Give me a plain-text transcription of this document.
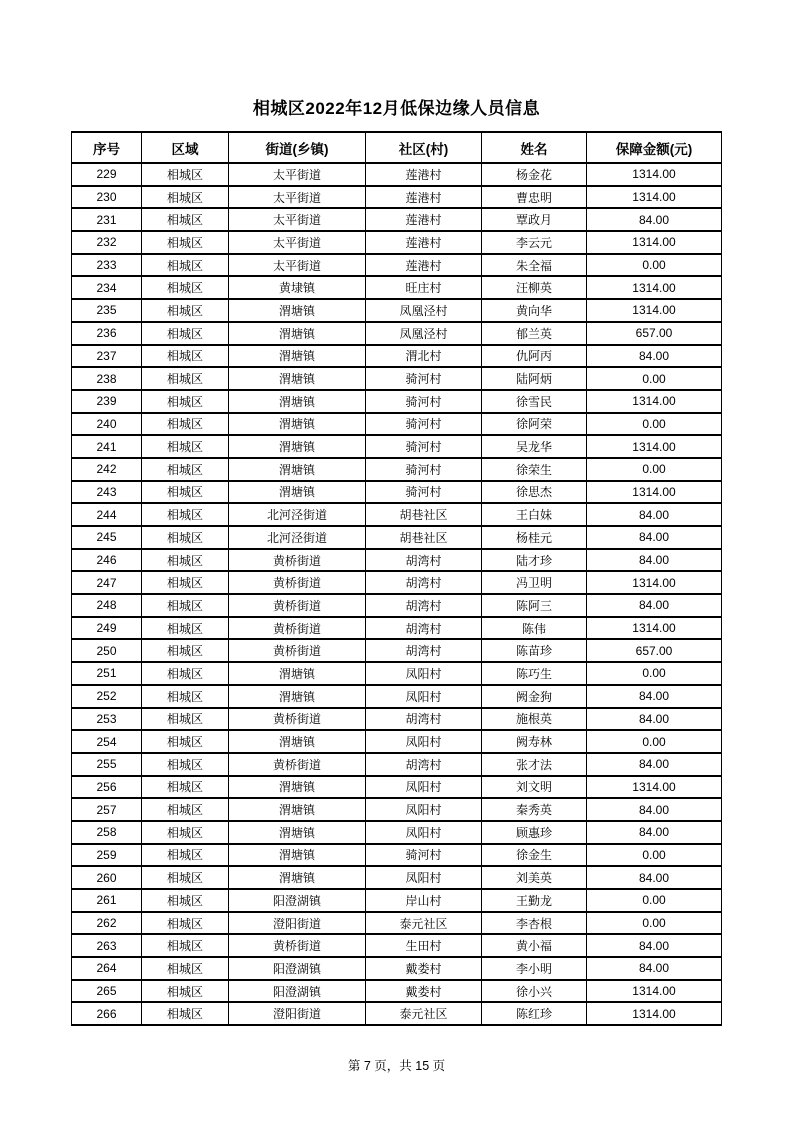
相城区2022年12月低保边缘人员信息
序号	区域	街道(乡镇)	社区(村)	姓名	保障金额(元)
229	相城区	太平街道	莲港村	杨金花	1314.00
230	相城区	太平街道	莲港村	曹忠明	1314.00
231	相城区	太平街道	莲港村	覃政月	84.00
232	相城区	太平街道	莲港村	李云元	1314.00
233	相城区	太平街道	莲港村	朱全福	0.00
234	相城区	黄埭镇	旺庄村	汪柳英	1314.00
235	相城区	渭塘镇	凤凰泾村	黄向华	1314.00
236	相城区	渭塘镇	凤凰泾村	郁兰英	657.00
237	相城区	渭塘镇	渭北村	仇阿丙	84.00
238	相城区	渭塘镇	骑河村	陆阿炳	0.00
239	相城区	渭塘镇	骑河村	徐雪民	1314.00
240	相城区	渭塘镇	骑河村	徐阿荣	0.00
241	相城区	渭塘镇	骑河村	吴龙华	1314.00
242	相城区	渭塘镇	骑河村	徐荣生	0.00
243	相城区	渭塘镇	骑河村	徐思杰	1314.00
244	相城区	北河泾街道	胡巷社区	王白妹	84.00
245	相城区	北河泾街道	胡巷社区	杨桂元	84.00
246	相城区	黄桥街道	胡湾村	陆才珍	84.00
247	相城区	黄桥街道	胡湾村	冯卫明	1314.00
248	相城区	黄桥街道	胡湾村	陈阿三	84.00
249	相城区	黄桥街道	胡湾村	陈伟	1314.00
250	相城区	黄桥街道	胡湾村	陈苗珍	657.00
251	相城区	渭塘镇	凤阳村	陈巧生	0.00
252	相城区	渭塘镇	凤阳村	阙金狗	84.00
253	相城区	黄桥街道	胡湾村	施根英	84.00
254	相城区	渭塘镇	凤阳村	阙寿林	0.00
255	相城区	黄桥街道	胡湾村	张才法	84.00
256	相城区	渭塘镇	凤阳村	刘文明	1314.00
257	相城区	渭塘镇	凤阳村	秦秀英	84.00
258	相城区	渭塘镇	凤阳村	顾惠珍	84.00
259	相城区	渭塘镇	骑河村	徐金生	0.00
260	相城区	渭塘镇	凤阳村	刘美英	84.00
261	相城区	阳澄湖镇	岸山村	王勤龙	0.00
262	相城区	澄阳街道	泰元社区	李杏根	0.00
263	相城区	黄桥街道	生田村	黄小福	84.00
264	相城区	阳澄湖镇	戴娄村	李小明	84.00
265	相城区	阳澄湖镇	戴娄村	徐小兴	1314.00
266	相城区	澄阳街道	泰元社区	陈红珍	1314.00
第 7 页，共 15 页
